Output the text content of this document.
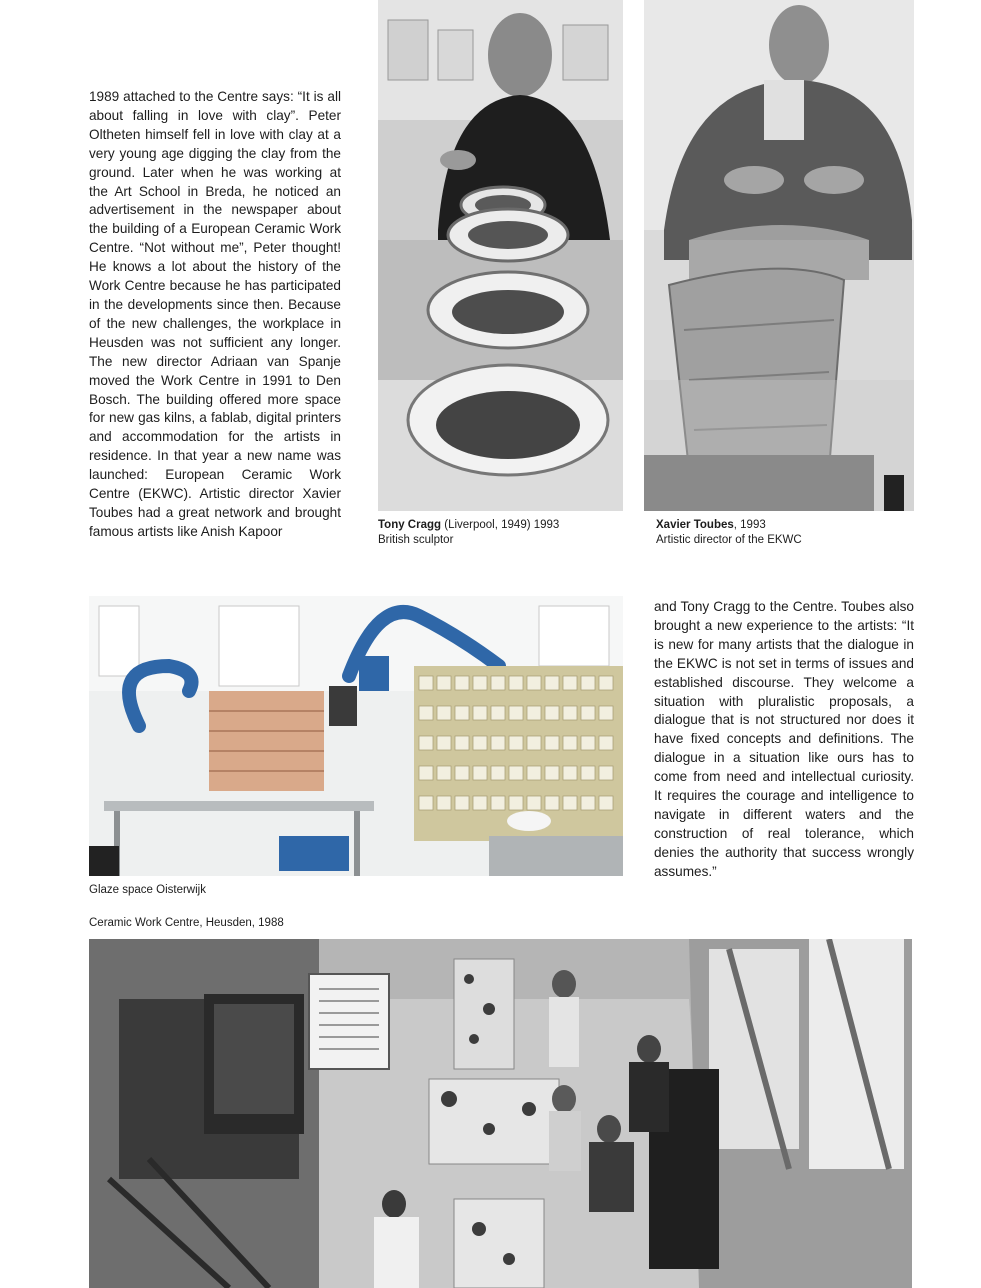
1989 attached to the Centre says: “It is all about falling in love with clay”. Peter Oltheten himself fell in love with clay at a very young age digging the clay from the ground. Later when he was working at the Art School in Breda, he noticed an advertisement in the newspaper about the building of a European Ceramic Work Centre. “Not without me”, Peter thought! He knows a lot about the history of the Work Centre because he has participated in the developments since then. Because of the new challenges, the workplace in Heusden was not sufficient any longer. The new director Adriaan van Spanje moved the Work Centre in 1991 to Den Bosch. The building offered more space for new gas kilns, a fablab, digital printers and accommodation for the artists in residence. In that year a new name was launched: European Ceramic Work Centre (EKWC). Artistic director Xavier Toubes had a great network and brought famous artists like Anish Kapoor	Tony Cragg (Liverpool, 1949) 1993
British sculptor
Xavier Toubes, 1993
Artistic director of the EKWC

and Tony Cragg to the Centre. Toubes also brought a new experience to the artists: “It is new for many artists that the dialogue in the EKWC is not set in terms of issues and established discourse. They welcome a situation with pluralistic proposals, a dialogue that is not structured nor does it have fixed concepts and definitions. The dialogue in a situation like ours has to come from need and intellectual curiosity. It requires the courage and intelligence to navigate in different waters and the construction of real tolerance, which denies the authority that success wrongly assumes.”

Glaze space Oisterwijk
Ceramic Work Centre, Heusden, 1988
